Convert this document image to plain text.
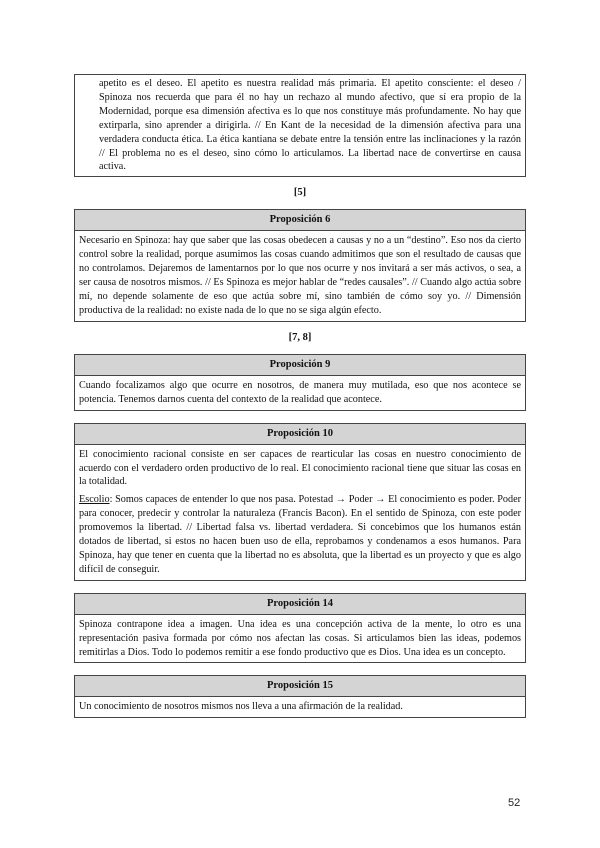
apetito es el deseo. El apetito es nuestra realidad más primaria. El apetito consciente: el deseo / Spinoza nos recuerda que para él no hay un rechazo al mundo afectivo, que sí era propio de la Modernidad, porque esa dimensión afectiva es lo que nos constituye más profundamente. No hay que extirparla, sino aprender a dirigirla. // En Kant de la necesidad de la dimensión afectiva para una verdadera conducta ética. La ética kantiana se debate entre la tensión entre las inclinaciones y la razón // El problema no es el deseo, sino cómo lo articulamos. La libertad nace de convertirse en causa activa.
[5]
Proposición 6
Necesario en Spinoza: hay que saber que las cosas obedecen a causas y no a un “destino”. Eso nos da cierto control sobre la realidad, porque asumimos las cosas cuando admitimos que son el resultado de causas que no controlamos. Dejaremos de lamentarnos por lo que nos ocurre y nos invitará a ser más activos, o sea, a ser causa de nosotros mismos. // Es Spinoza es mejor hablar de “redes causales”. // Cuando algo actúa sobre mí, no depende solamente de eso que actúa sobre mí, sino también de cómo soy yo. // Dimensión productiva de la realidad: no existe nada de lo que no se siga algún efecto.
[7, 8]
Proposición 9
Cuando focalizamos algo que ocurre en nosotros, de manera muy mutilada, eso que nos acontece se potencia. Tenemos darnos cuenta del contexto de la realidad que acontece.
Proposición 10

El conocimiento racional consiste en ser capaces de rearticular las cosas en nuestro conocimiento de acuerdo con el verdadero orden productivo de lo real. El conocimiento racional tiene que situar las cosas en la totalidad.

Escolio: Somos capaces de entender lo que nos pasa. Potestad → Poder → El conocimiento es poder. Poder para conocer, predecir y controlar la naturaleza (Francis Bacon). En el sentido de Spinoza, con este poder promovemos la libertad. // Libertad falsa vs. libertad verdadera. Si concebimos que los humanos están dotados de libertad, si estos no hacen buen uso de ella, reprobamos y condenamos a esos humanos. Para Spinoza, hay que tener en cuenta que la libertad no es absoluta, que la libertad es un proyecto y que es algo difícil de conseguir.

Proposición 14
Spinoza contrapone idea a imagen. Una idea es una concepción activa de la mente, lo otro es una representación pasiva formada por cómo nos afectan las cosas. Si articulamos bien las ideas, podemos remitirlas a Dios. Todo lo podemos remitir a ese fondo productivo que es Dios. Una idea es un concepto.
Proposición 15
Un conocimiento de nosotros mismos nos lleva a una afirmación de la realidad.
52
